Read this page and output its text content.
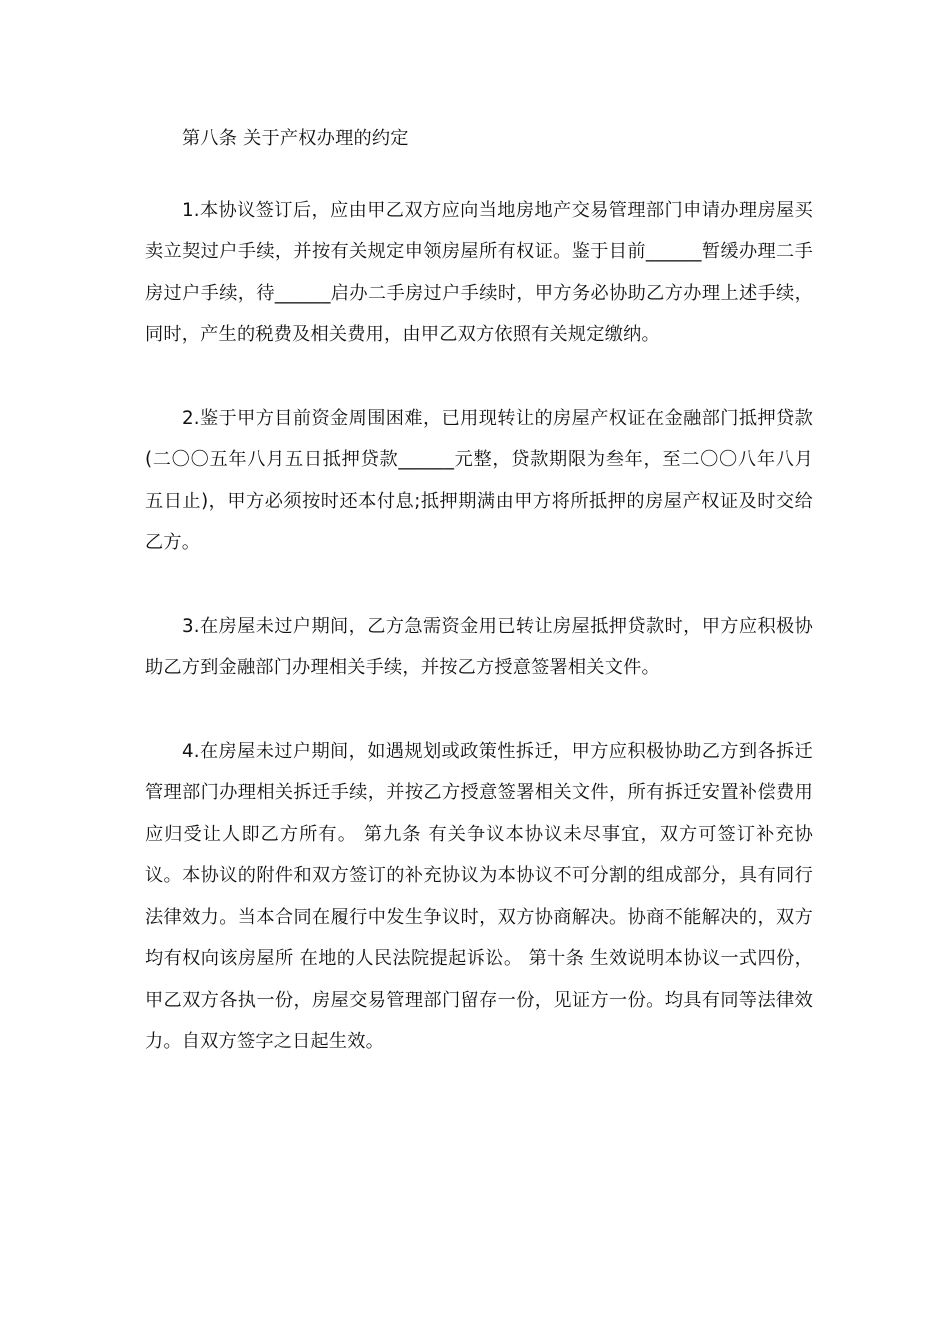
第八条 关于产权办理的约定

1.本协议签订后，应由甲乙双方应向当地房地产交易管理部门申请办理房屋买卖立契过户手续，并按有关规定申领房屋所有权证。鉴于目前______暂缓办理二手房过户手续，待______启办二手房过户手续时，甲方务必协助乙方办理上述手续，同时，产生的税费及相关费用，由甲乙双方依照有关规定缴纳。

2.鉴于甲方目前资金周围困难，已用现转让的房屋产权证在金融部门抵押贷款(二〇〇五年八月五日抵押贷款______元整，贷款期限为叁年，至二〇〇八年八月五日止)，甲方必须按时还本付息;抵押期满由甲方将所抵押的房屋产权证及时交给乙方。

3.在房屋未过户期间，乙方急需资金用已转让房屋抵押贷款时，甲方应积极协助乙方到金融部门办理相关手续，并按乙方授意签署相关文件。

4.在房屋未过户期间，如遇规划或政策性拆迁，甲方应积极协助乙方到各拆迁管理部门办理相关拆迁手续，并按乙方授意签署相关文件，所有拆迁安置补偿费用应归受让人即乙方所有。 第九条 有关争议本协议未尽事宜，双方可签订补充协议。本协议的附件和双方签订的补充协议为本协议不可分割的组成部分，具有同行法律效力。当本合同在履行中发生争议时，双方协商解决。协商不能解决的，双方均有权向该房屋所 在地的人民法院提起诉讼。 第十条 生效说明本协议一式四份，甲乙双方各执一份，房屋交易管理部门留存一份，见证方一份。均具有同等法律效力。自双方签字之日起生效。
